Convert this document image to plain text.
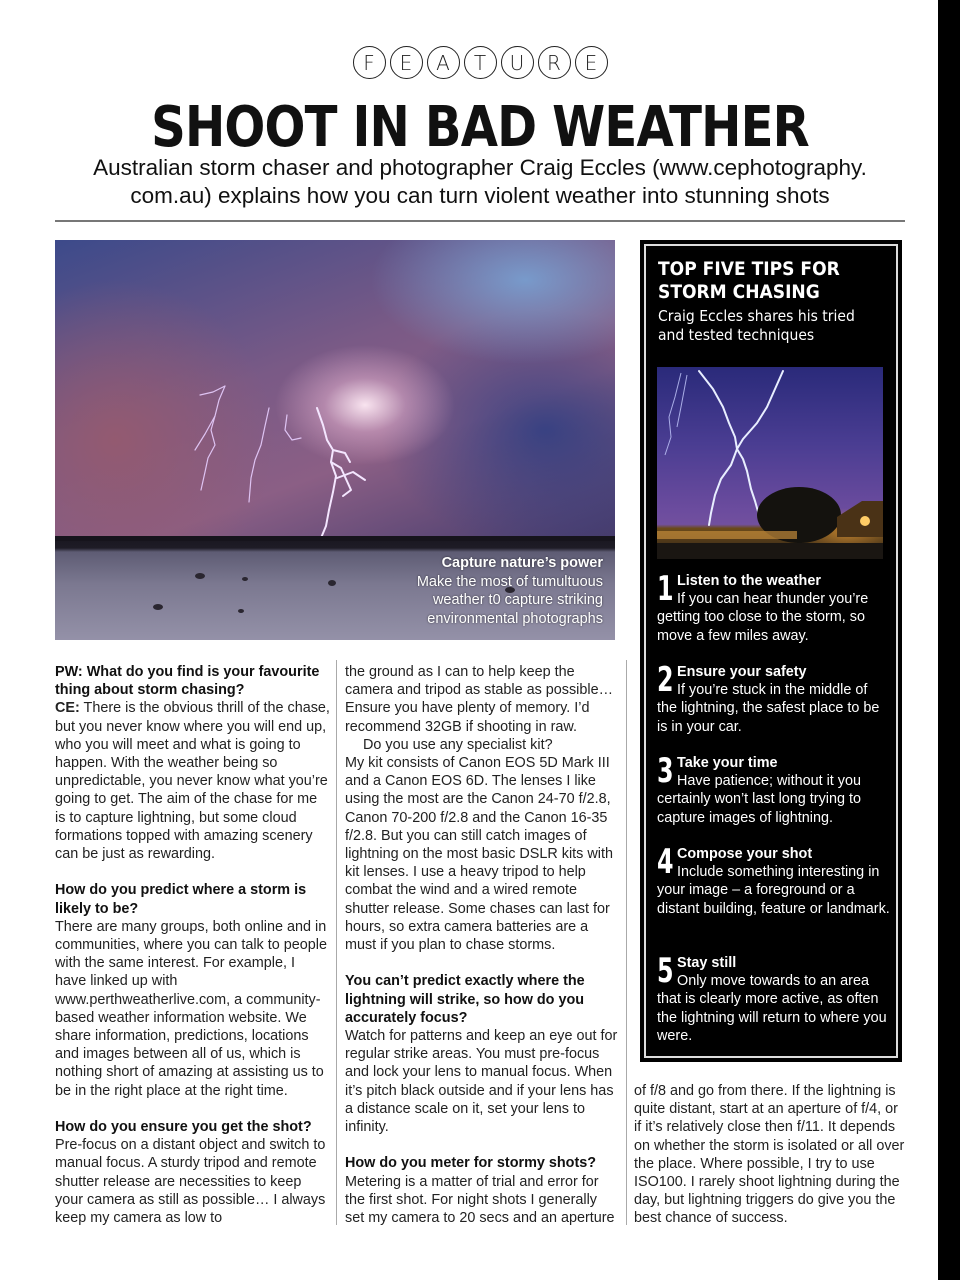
F	E	A	T	U	R	E
SHOOT IN BAD WEATHER
Australian storm chaser and photographer Craig Eccles (www.cephotography.
com.au) explains how you can turn violent weather into stunning shots
Capture nature’s power
Make the most of tumultuous
weather t0 capture striking
environmental photographs
TOP FIVE TIPS FOR
STORM CHASING
Craig Eccles shares his tried
and tested techniques
1 Listen to the weather
If you can hear thunder you’re getting too close to the storm, so move a few miles away.
2 Ensure your safety
If you’re stuck in the middle of the lightning, the safest place to be is in your car.
3 Take your time
Have patience; without it you certainly won’t last long trying to capture images of lightning.
4 Compose your shot
Include something interesting in your image – a foreground or a distant building, feature or landmark.
5 Stay still
Only move towards to an area that is clearly more active, as often the lightning will return to where you were.

PW: What do you find is your favourite thing about storm chasing?
CE: There is the obvious thrill of the chase, but you never know where you will end up, who you will meet and what is going to happen. With the weather being so unpredictable, you never know what you’re going to get. The aim of the chase for me is to capture lightning, but some cloud formations topped with amazing scenery can be just as rewarding.

How do you predict where a storm is likely to be?
There are many groups, both online and in communities, where you can talk to people with the same interest. For example, I have linked up with www.perthweatherlive.com, a community-based weather information website. We share information, predictions, locations and images between all of us, which is nothing short of amazing at assisting us to be in the right place at the right time.

How do you ensure you get the shot?
Pre-focus on a distant object and switch to manual focus. A sturdy tripod and remote shutter release are necessities to keep your camera as still as possible… I always keep my camera as low to

the ground as I can to help keep the camera and tripod as stable as possible… Ensure you have plenty of memory. I’d recommend 32GB if shooting in raw.
Do you use any specialist kit?
My kit consists of Canon EOS 5D Mark III and a Canon EOS 6D. The lenses I like using the most are the Canon 24-70 f/2.8, Canon 70-200 f/2.8 and the Canon 16-35 f/2.8. But you can still catch images of lightning on the most basic DSLR kits with kit lenses. I use a heavy tripod to help combat the wind and a wired remote shutter release. Some chases can last for hours, so extra camera batteries are a must if you plan to chase storms.

You can’t predict exactly where the lightning will strike, so how do you accurately focus?
Watch for patterns and keep an eye out for regular strike areas. You must pre-focus and lock your lens to manual focus. When it’s pitch black outside and if your lens has a distance scale on it, set your lens to infinity.

How do you meter for stormy shots?
Metering is a matter of trial and error for the first shot. For night shots I generally set my camera to 20 secs and an aperture

of f/8 and go from there. If the lightning is quite distant, start at an aperture of f/4, or if it’s relatively close then f/11. It depends on whether the storm is isolated or all over the place. Where possible, I try to use ISO100. I rarely shoot lightning during the day, but lightning triggers do give you the best chance of success.
